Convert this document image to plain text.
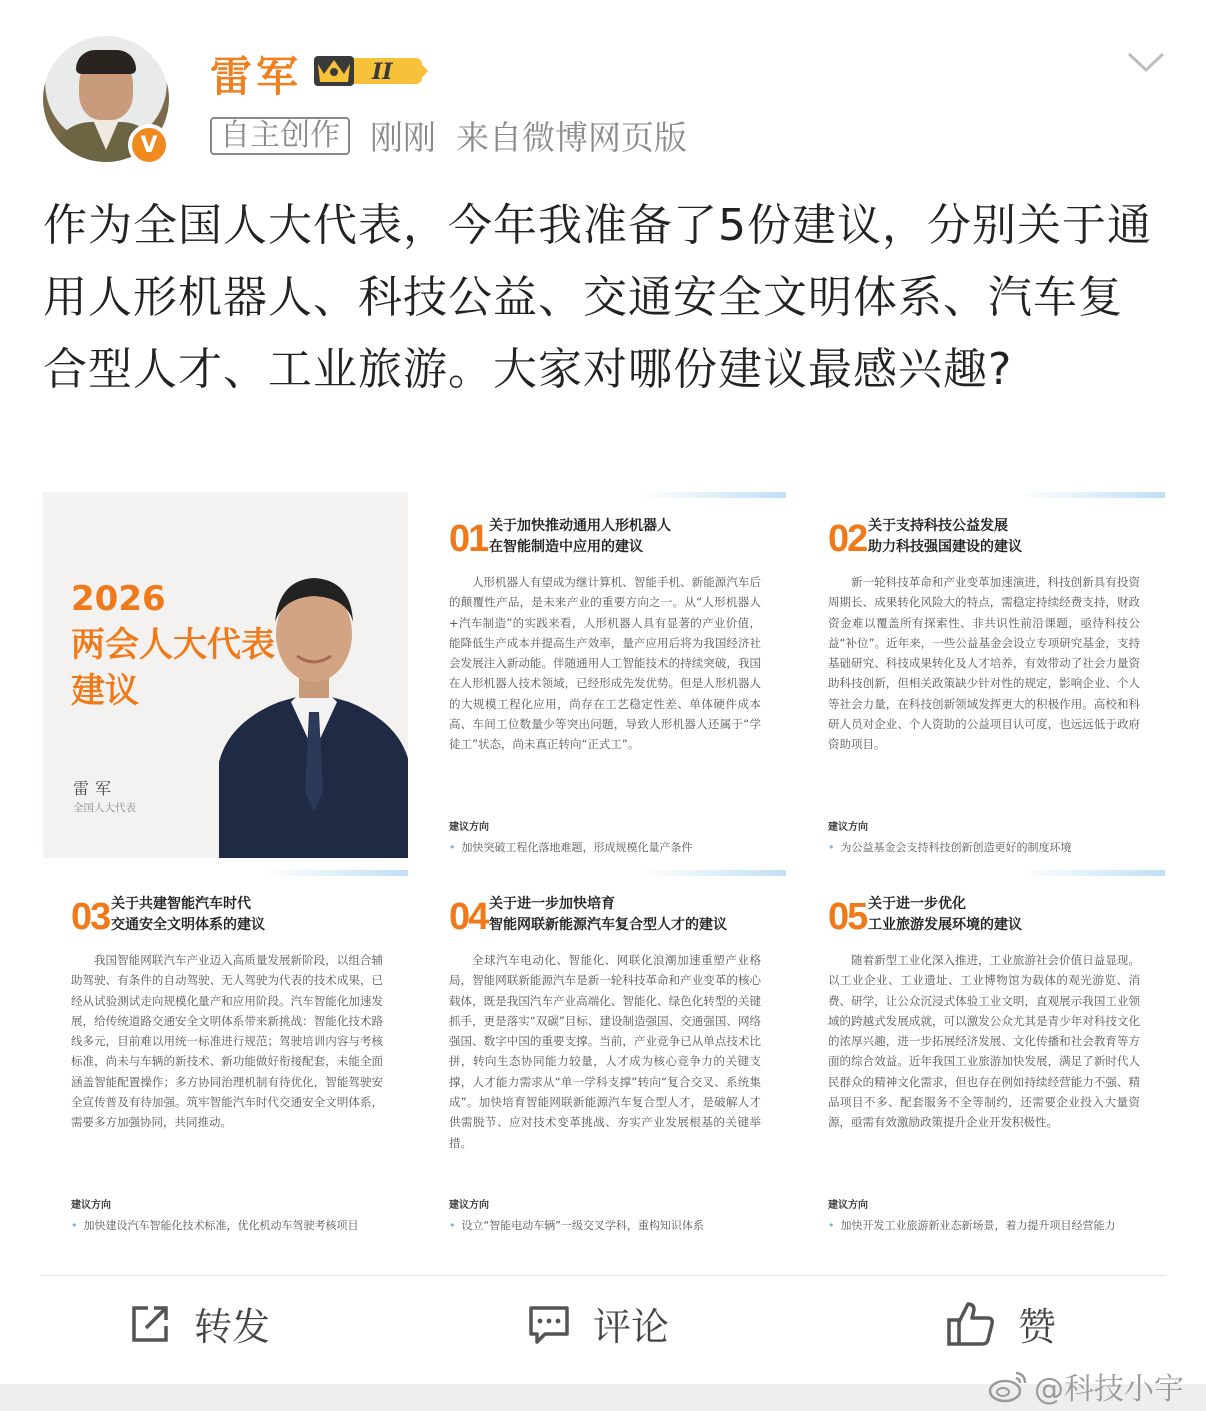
V
雷军	II
自主创作 刚刚 来自微博网页版
作为全国人大代表，今年我准备了5份建议，分别关于通用人形机器人、科技公益、交通安全文明体系、汽车复合型人才、工业旅游。大家对哪份建议最感兴趣?
2026
两会人大代表
建议
雷军
全国人大代表
01 关于加快推动通用人形机器人
在智能制造中应用的建议
人形机器人有望成为继计算机、智能手机、新能源汽车后的颠覆性产品，是未来产业的重要方向之一。从“人形机器人+汽车制造”的实践来看，人形机器人具有显著的产业价值，能降低生产成本并提高生产效率，量产应用后将为我国经济社会发展注入新动能。伴随通用人工智能技术的持续突破，我国在人形机器人技术领域，已经形成先发优势。但是人形机器人的大规模工程化应用，尚存在工艺稳定性差、单体硬件成本高、车间工位数量少等突出问题，导致人形机器人还属于“学徒工”状态，尚未真正转向“正式工”。
建议方向
• 加快突破工程化落地难题，形成规模化量产条件
02 关于支持科技公益发展
助力科技强国建设的建议
新一轮科技革命和产业变革加速演进，科技创新具有投资周期长、成果转化风险大的特点，需稳定持续经费支持，财政资金难以覆盖所有探索性、非共识性前沿课题，亟待科技公益“补位”。近年来，一些公益基金会设立专项研究基金，支持基础研究、科技成果转化及人才培养，有效带动了社会力量资助科技创新，但相关政策缺少针对性的规定，影响企业、个人等社会力量，在科技创新领域发挥更大的积极作用。高校和科研人员对企业、个人资助的公益项目认可度，也远远低于政府资助项目。
建议方向
• 为公益基金会支持科技创新创造更好的制度环境
03 关于共建智能汽车时代
交通安全文明体系的建议
我国智能网联汽车产业迈入高质量发展新阶段，以组合辅助驾驶、有条件的自动驾驶、无人驾驶为代表的技术成果，已经从试验测试走向规模化量产和应用阶段。汽车智能化加速发展，给传统道路交通安全文明体系带来新挑战：智能化技术路线多元，目前难以用统一标准进行规范；驾驶培训内容与考核标准，尚未与车辆的新技术、新功能做好衔接配套，未能全面涵盖智能配置操作；多方协同治理机制有待优化，智能驾驶安全宣传普及有待加强。筑牢智能汽车时代交通安全文明体系，需要多方加强协同，共同推动。
建议方向
• 加快建设汽车智能化技术标准，优化机动车驾驶考核项目
04 关于进一步加快培育
智能网联新能源汽车复合型人才的建议
全球汽车电动化、智能化、网联化浪潮加速重塑产业格局，智能网联新能源汽车是新一轮科技革命和产业变革的核心载体，既是我国汽车产业高端化、智能化、绿色化转型的关键抓手，更是落实“双碳”目标、建设制造强国、交通强国、网络强国、数字中国的重要支撑。当前，产业竞争已从单点技术比拼，转向生态协同能力较量，人才成为核心竞争力的关键支撑，人才能力需求从“单一学科支撑”转向“复合交叉、系统集成”。加快培育智能网联新能源汽车复合型人才，是破解人才供需脱节、应对技术变革挑战、夯实产业发展根基的关键举措。
建议方向
• 设立“智能电动车辆”一级交叉学科，重构知识体系
05 关于进一步优化
工业旅游发展环境的建议
随着新型工业化深入推进，工业旅游社会价值日益显现。以工业企业、工业遗址、工业博物馆为载体的观光游览、消费、研学，让公众沉浸式体验工业文明，直观展示我国工业领域的跨越式发展成就，可以激发公众尤其是青少年对科技文化的浓厚兴趣，进一步拓展经济发展、文化传播和社会教育等方面的综合效益。近年我国工业旅游加快发展，满足了新时代人民群众的精神文化需求，但也存在例如持续经营能力不强、精品项目不多、配套服务不全等制约，还需要企业投入大量资源，亟需有效激励政策提升企业开发积极性。
建议方向
• 加快开发工业旅游新业态新场景，着力提升项目经营能力
转发	评论	赞
@科技小宇
